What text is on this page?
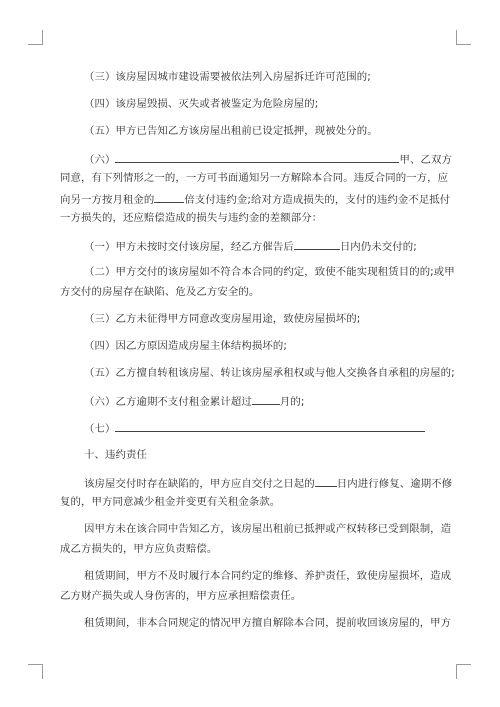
（三）该房屋因城市建设需要被依法列入房屋拆迁许可范围的;
（四）该房屋毁损、灭失或者被鉴定为危险房屋的;
（五）甲方已告知乙方该房屋出租前已设定抵押，现被处分的。
（六）	甲、乙双方
同意，有下列情形之一的，一方可书面通知另一方解除本合同。违反合同的一方，应
向另一方按月租金的	倍支付违约金;给对方造成损失的，支付的违约金不足抵付
一方损失的，还应赔偿造成的损失与违约金的差额部分：
（一）甲方未按时交付该房屋，经乙方催告后	日内仍未交付的;
（二）甲方交付的该房屋如不符合本合同的约定，致使不能实现租赁目的的;或甲
方交付的房屋存在缺陷、危及乙方安全的。
（三）乙方未征得甲方同意改变房屋用途，致使房屋损坏的;
（四）因乙方原因造成房屋主体结构损坏的;
（五）乙方擅自转租该房屋、转让该房屋承租权或与他人交换各自承租的房屋的;
（六）乙方逾期不支付租金累计超过	月的;
（七）
十、违约责任
该房屋交付时存在缺陷的，甲方应自交付之日起的 日内进行修复、逾期不修
复的，甲方同意减少租金并变更有关租金条款。
因甲方未在该合同中告知乙方，该房屋出租前已抵押或产权转移已受到限制，造
成乙方损失的，甲方应负责赔偿。
租赁期间，甲方不及时履行本合同约定的维修、养护责任，致使房屋损坏，造成
乙方财产损失或人身伤害的，甲方应承担赔偿责任。
租赁期间，非本合同规定的情况甲方擅自解除本合同，提前收回该房屋的，甲方
